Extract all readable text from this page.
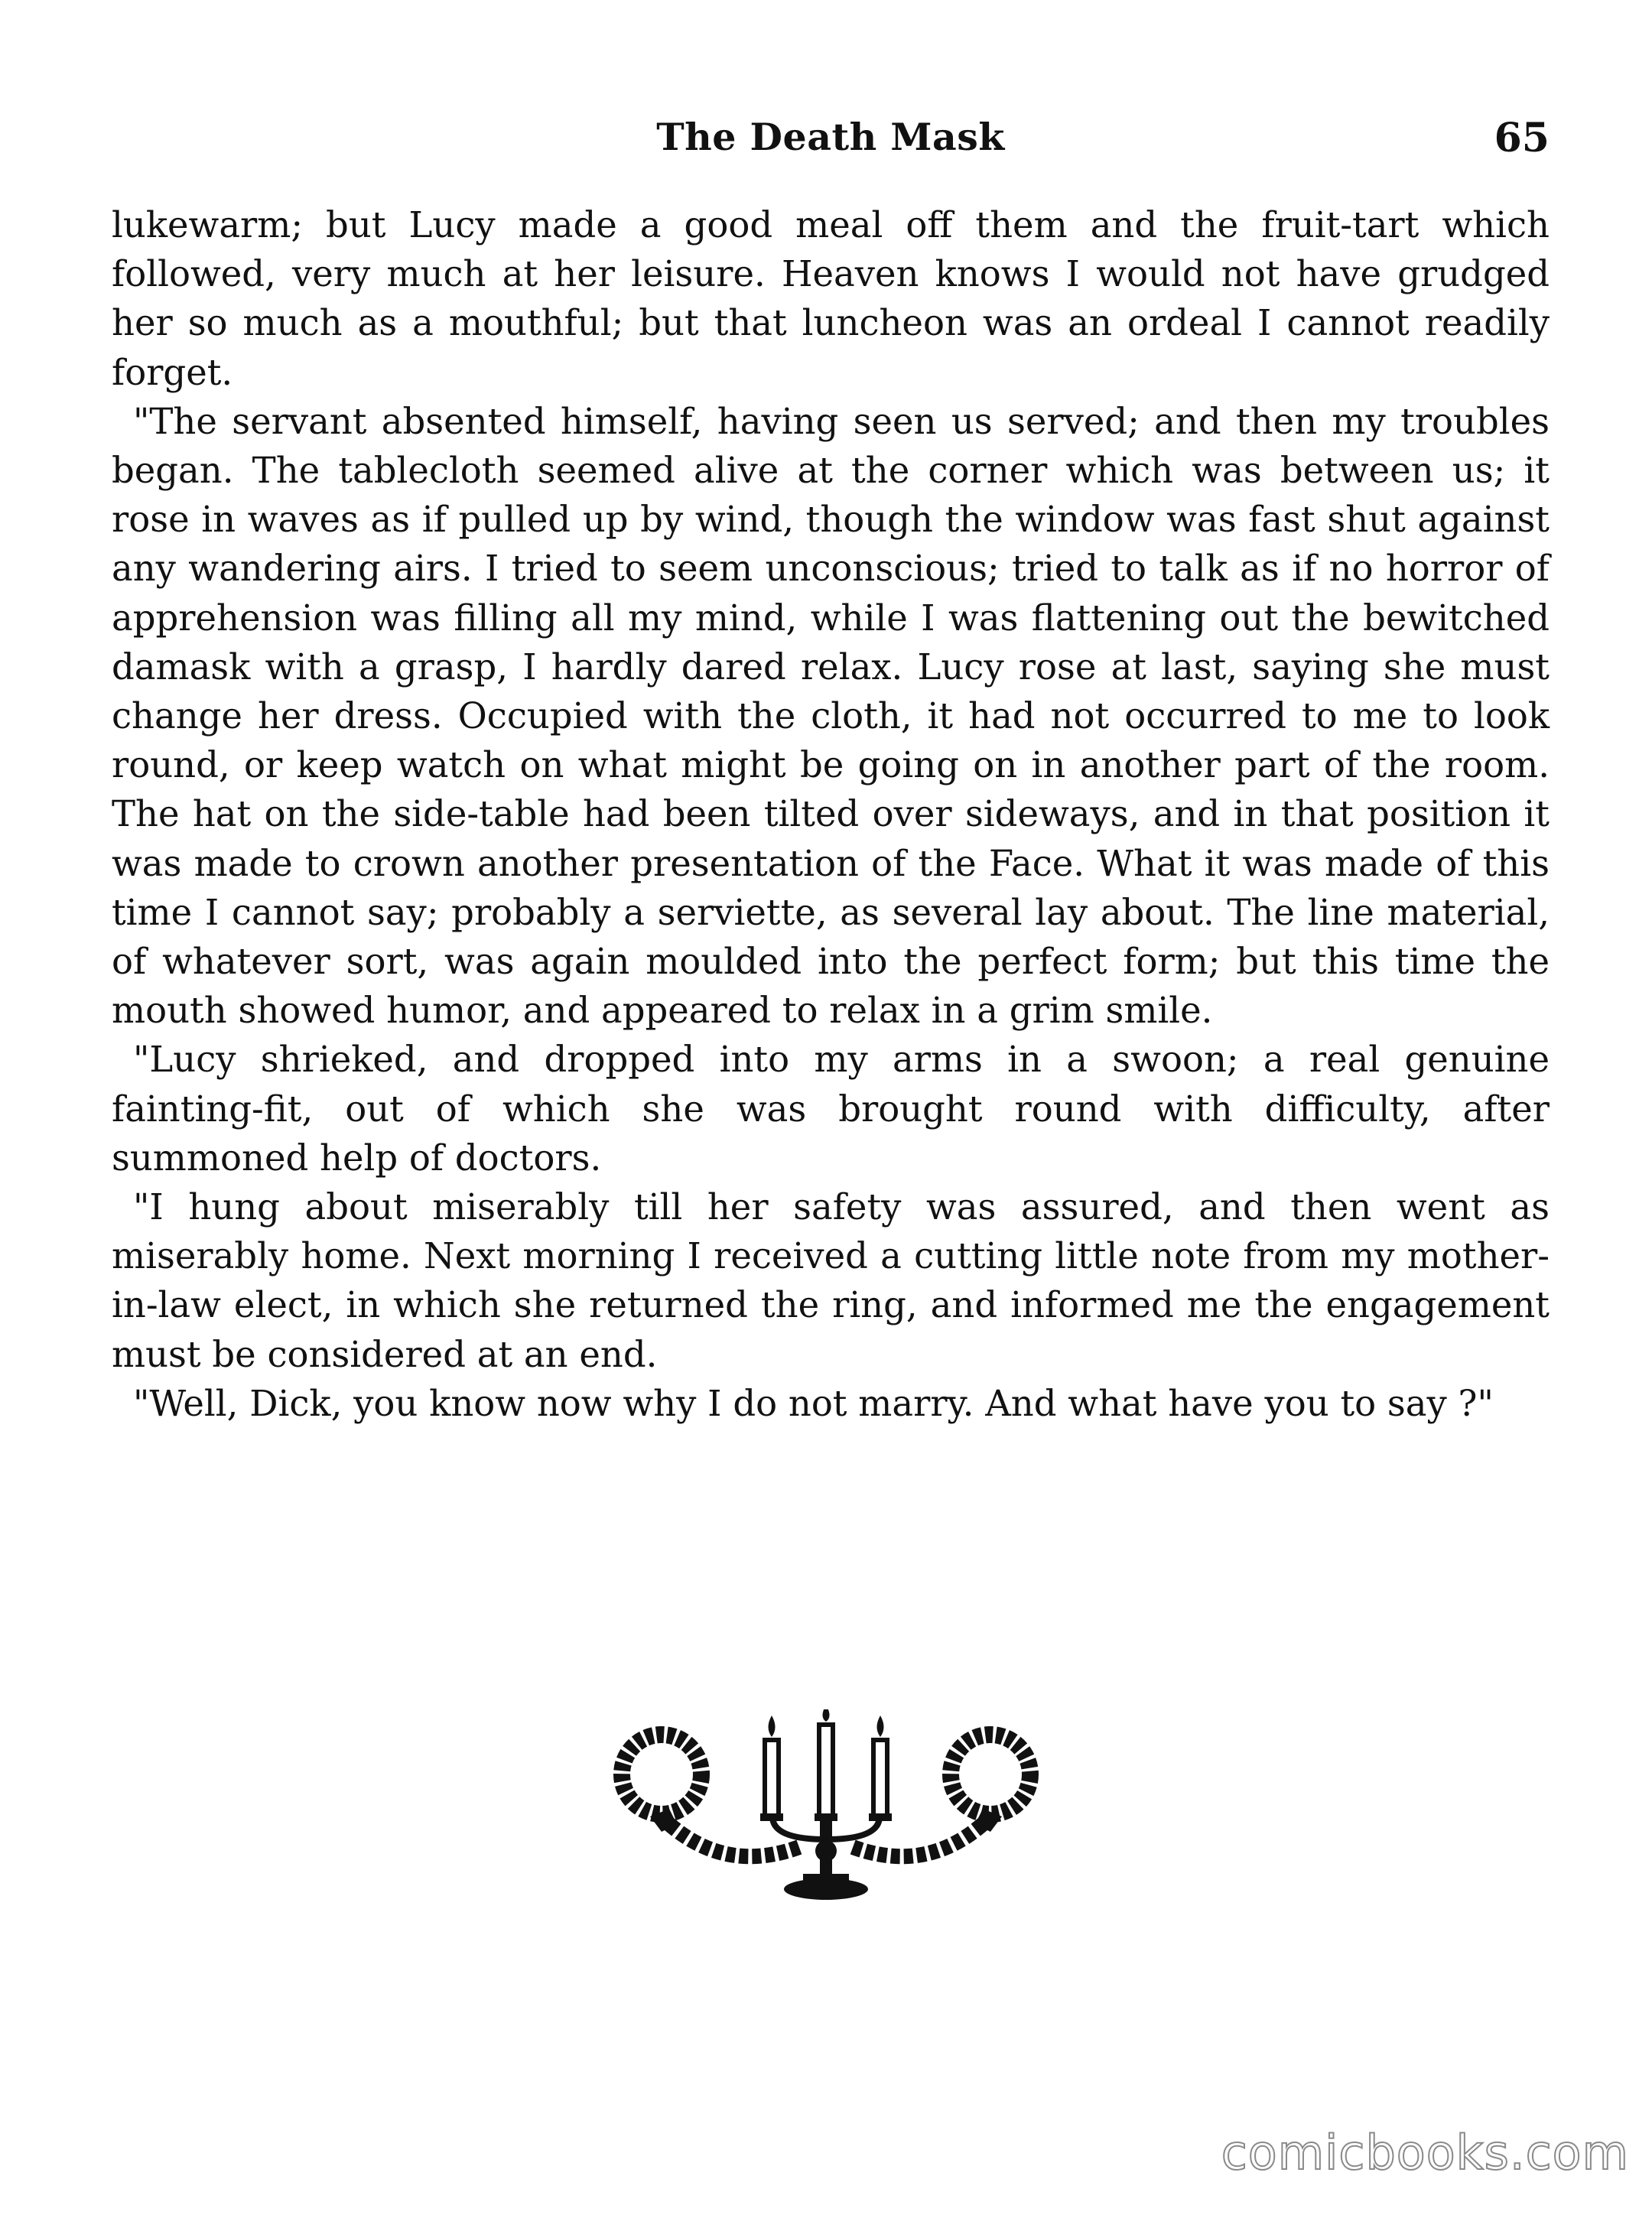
The Death Mask	65

lukewarm; but Lucy made a good meal off them and the fruit-tart which followed, very much at her leisure. Heaven knows I would not have grudged her so much as a mouthful; but that luncheon was an ordeal I cannot readily forget.

"The servant absented himself, having seen us served; and then my troubles began. The tablecloth seemed alive at the corner which was between us; it rose in waves as if pulled up by wind, though the window was fast shut against any wandering airs. I tried to seem unconscious; tried to talk as if no horror of apprehension was filling all my mind, while I was flattening out the bewitched damask with a grasp, I hardly dared relax. Lucy rose at last, saying she must change her dress. Occupied with the cloth, it had not occurred to me to look round, or keep watch on what might be going on in another part of the room. The hat on the side-table had been tilted over sideways, and in that position it was made to crown another presentation of the Face. What it was made of this time I cannot say; probably a serviette, as several lay about. The line material, of whatever sort, was again moulded into the perfect form; but this time the mouth showed humor, and appeared to relax in a grim smile.

"Lucy shrieked, and dropped into my arms in a swoon; a real genuine fainting-fit, out of which she was brought round with difficulty, after summoned help of doctors.

"I hung about miserably till her safety was assured, and then went as miserably home. Next morning I received a cutting little note from my mother-in-law elect, in which she returned the ring, and informed me the engagement must be considered at an end.

"Well, Dick, you know now why I do not marry. And what have you to say ?"

comicbooks.com
